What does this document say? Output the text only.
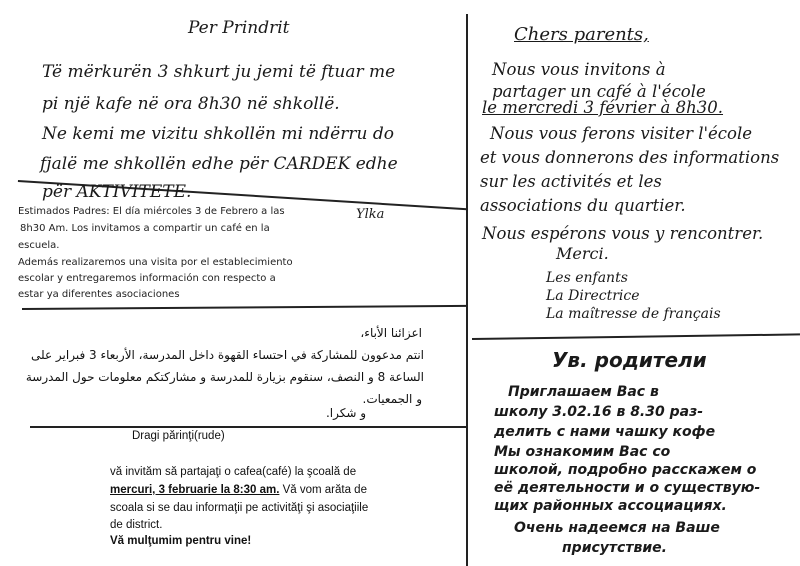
Per Prindrit
Të mërkurën 3 shkurt ju jemi të ftuar me
pi një kafe në ora 8h30 në shkollë.
Ne kemi me vizitu shkollën mi ndërru do
fjalë me shkollën edhe për CARDEK edhe
për AKTIVITETE.
Ylka
Estimados Padres: El día miércoles 3 de Febrero a las
8h30 Am. Los invitamos a compartir un café en la
escuela.
Además realizaremos una visita por el establecimiento
escolar y entregaremos información con respecto a
estar ya diferentes asociaciones
اعزائنا الأباء،
انتم مدعوون للمشاركة في احتساء القهوة داخل المدرسة، الأربعاء 3 فبراير على
الساعة 8 و النصف، سنقوم بزيارة للمدرسة و مشاركتكم معلومات حول المدرسة
و الجمعيات.
و شكرا.
Dragi părinţi(rude)
vă invităm să partajaţi o cafea(café) la şcoală de
mercuri, 3 februarie la 8:30 am. Vă vom arăta de
scoala si se dau informaţii pe activităţi şi asociaţiile
de district.
Vă mulţumim pentru vine!
Chers parents,
Nous vous invitons à
partager un café à l'école
le mercredi 3 février à 8h30.
Nous vous ferons visiter l'école
et vous donnerons des informations
sur les activités et les
associations du quartier.
Nous espérons vous y rencontrer.
Merci.
Les enfants
La Directrice
La maîtresse de français
Ув. родители
Приглашаем Вас в
школу 3.02.16 в 8.30 раз-
делить с нами чашку кофе
Мы ознакомим Вас со
школой, подробно расскажем о
её деятельности и о существую-
щих районных ассоциациях.
Очень надеемся на Ваше
присутствие.
